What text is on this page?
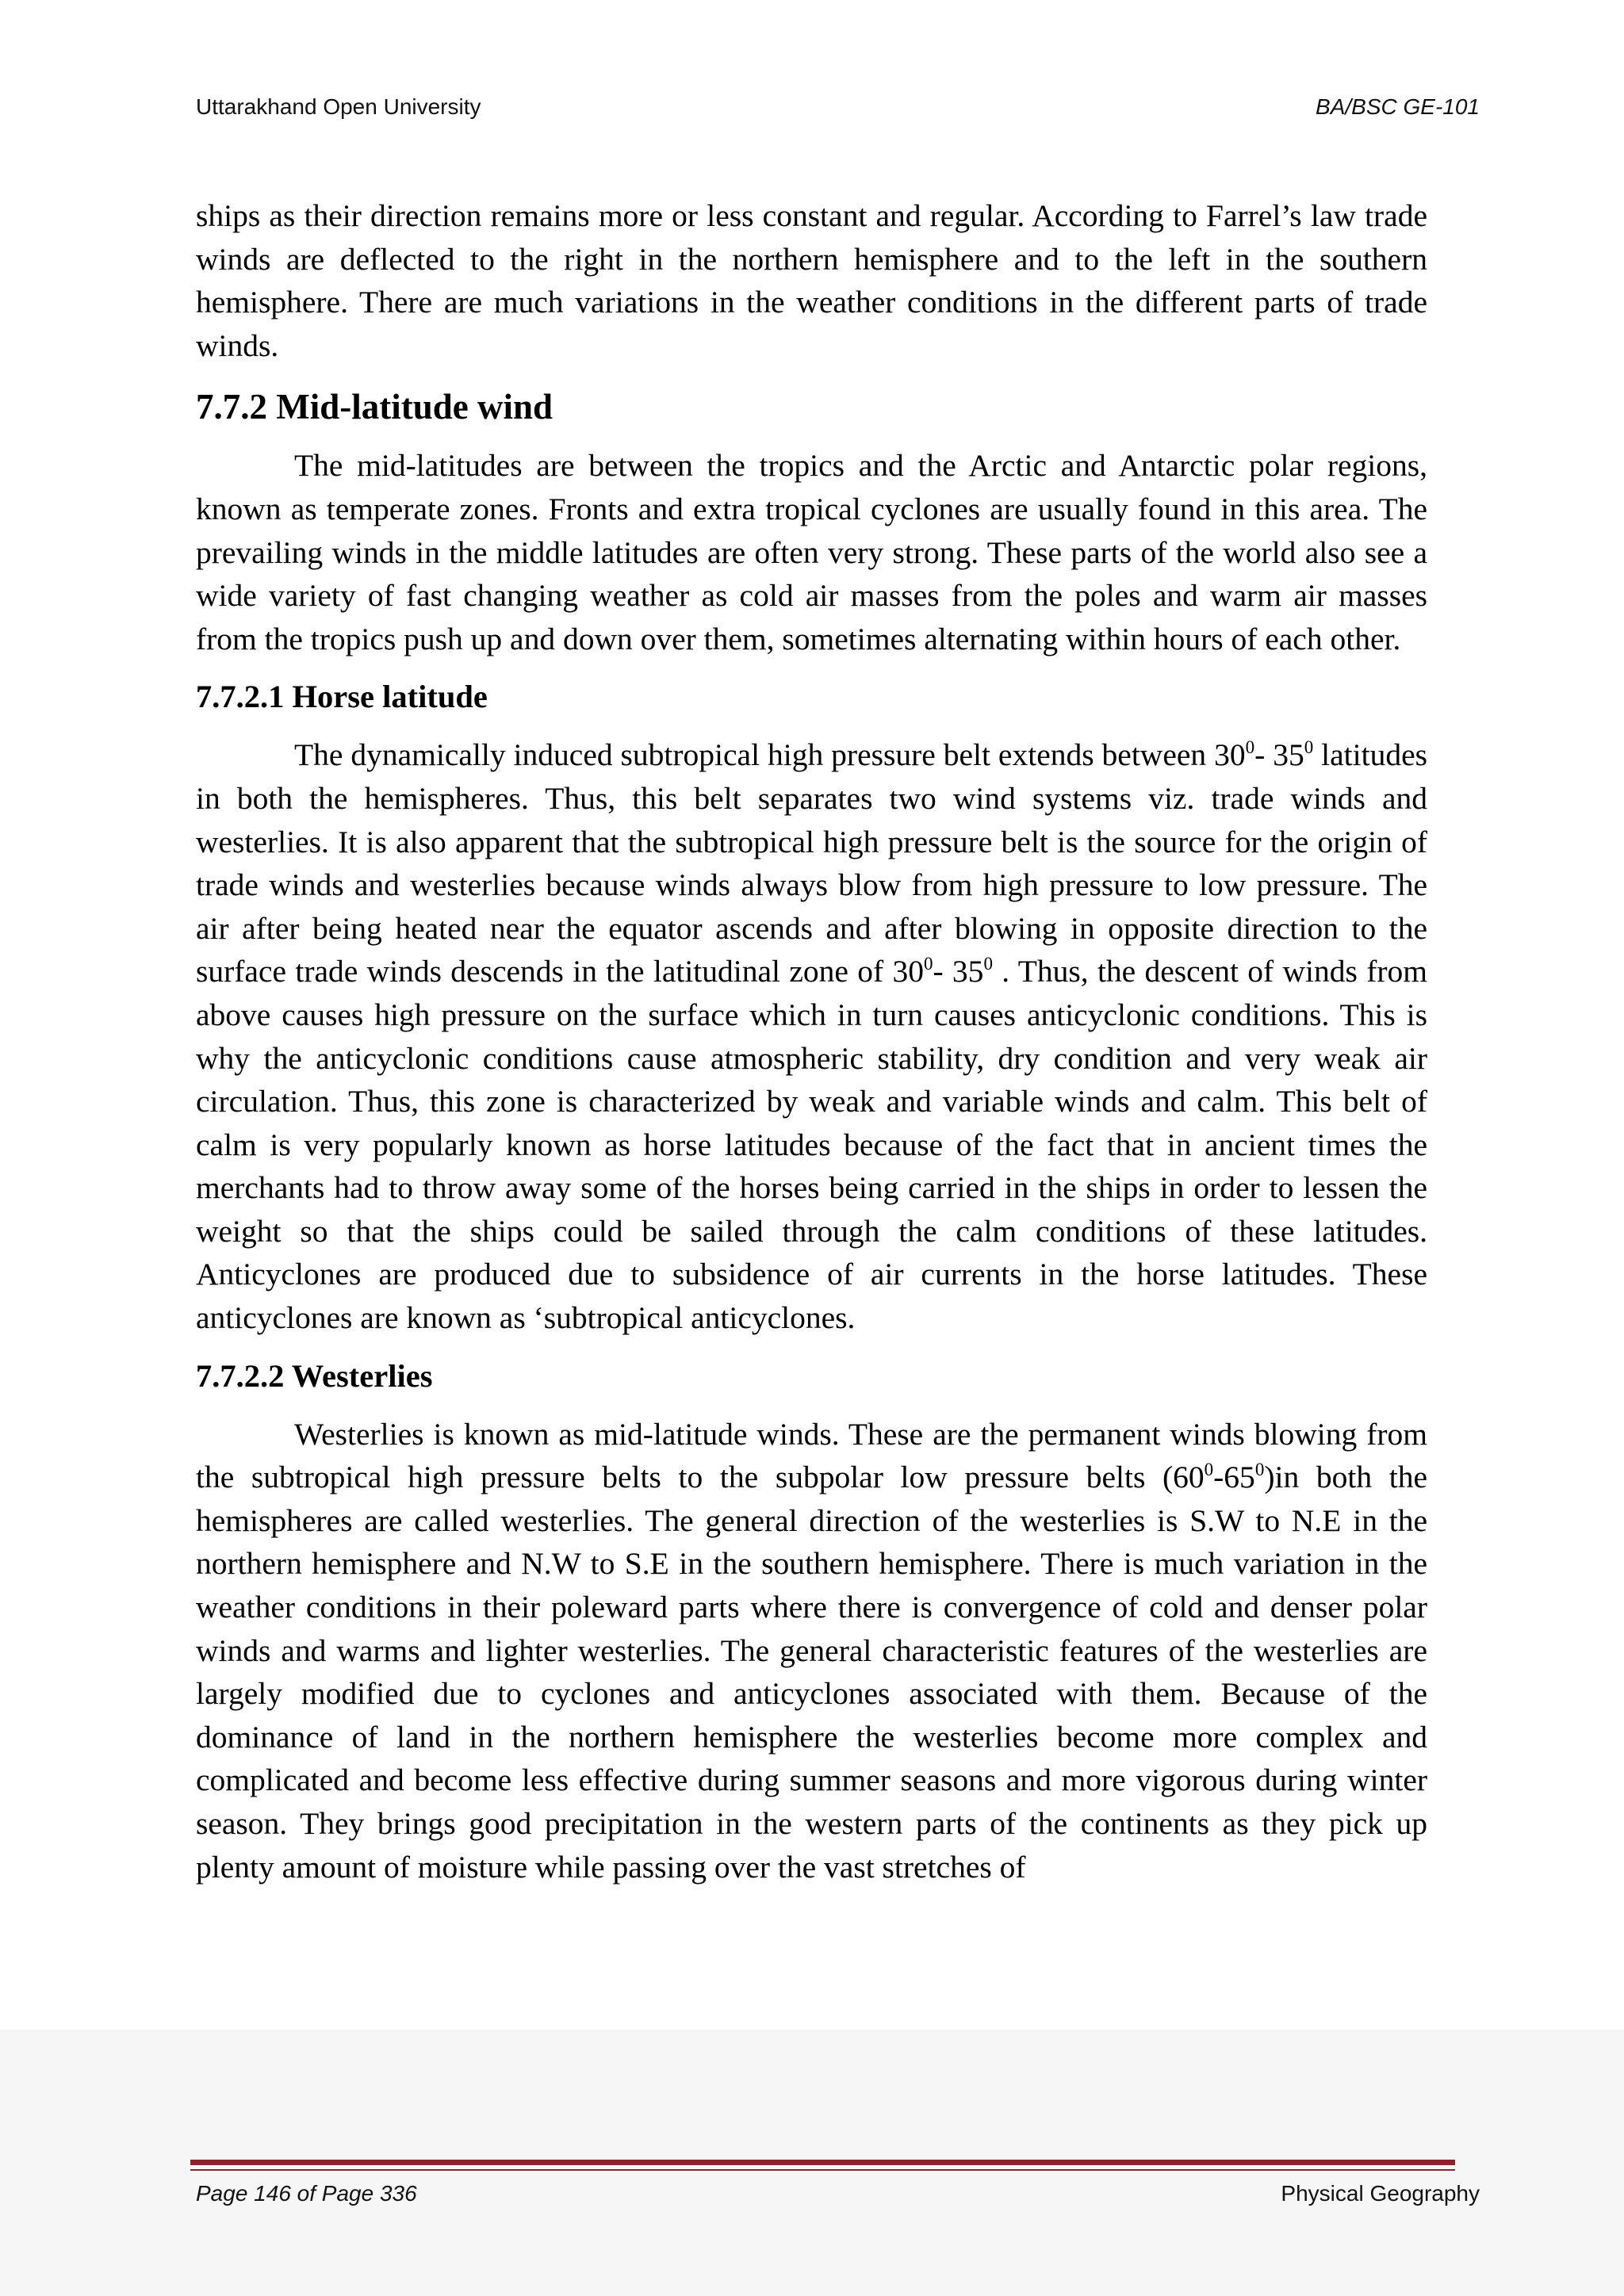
Uttarakhand Open University	BA/BSC GE-101

ships as their direction remains more or less constant and regular. According to Farrel’s law trade winds are deflected to the right in the northern hemisphere and to the left in the southern hemisphere. There are much variations in the weather conditions in the different parts of trade winds.

7.7.2 Mid-latitude wind

The mid-latitudes are between the tropics and the Arctic and Antarctic polar regions, known as temperate zones. Fronts and extra tropical cyclones are usually found in this area. The prevailing winds in the middle latitudes are often very strong. These parts of the world also see a wide variety of fast changing weather as cold air masses from the poles and warm air masses from the tropics push up and down over them, sometimes alternating within hours of each other.

7.7.2.1 Horse latitude

The dynamically induced subtropical high pressure belt extends between $30^0-$ $35^0$ latitudes in both the hemispheres. Thus, this belt separates two wind systems viz. trade winds and westerlies. It is also apparent that the subtropical high pressure belt is the source for the origin of trade winds and westerlies because winds always blow from high pressure to low pressure. The air after being heated near the equator ascends and after blowing in opposite direction to the surface trade winds descends in the latitudinal zone of $30^0-$ $35^0$ . Thus, the descent of winds from above causes high pressure on the surface which in turn causes anticyclonic conditions. This is why the anticyclonic conditions cause atmospheric stability, dry condition and very weak air circulation. Thus, this zone is characterized by weak and variable winds and calm. This belt of calm is very popularly known as horse latitudes because of the fact that in ancient times the merchants had to throw away some of the horses being carried in the ships in order to lessen the weight so that the ships could be sailed through the calm conditions of these latitudes. Anticyclones are produced due to subsidence of air currents in the horse latitudes. These anticyclones are known as ‘subtropical anticyclones.

7.7.2.2 Westerlies

Westerlies is known as mid-latitude winds. These are the permanent winds blowing from the subtropical high pressure belts to the subpolar low pressure belts $(60^0-65^0)in$ both the hemispheres are called westerlies. The general direction of the westerlies is S.W to N.E in the northern hemisphere and N.W to S.E in the southern hemisphere. There is much variation in the weather conditions in their poleward parts where there is convergence of cold and denser polar winds and warms and lighter westerlies. The general characteristic features of the westerlies are largely modified due to cyclones and anticyclones associated with them. Because of the dominance of land in the northern hemisphere the westerlies become more complex and complicated and become less effective during summer seasons and more vigorous during winter season. They brings good precipitation in the western parts of the continents as they pick up plenty amount of moisture while passing over the vast stretches of

Page 146 of Page 336	Physical Geography
